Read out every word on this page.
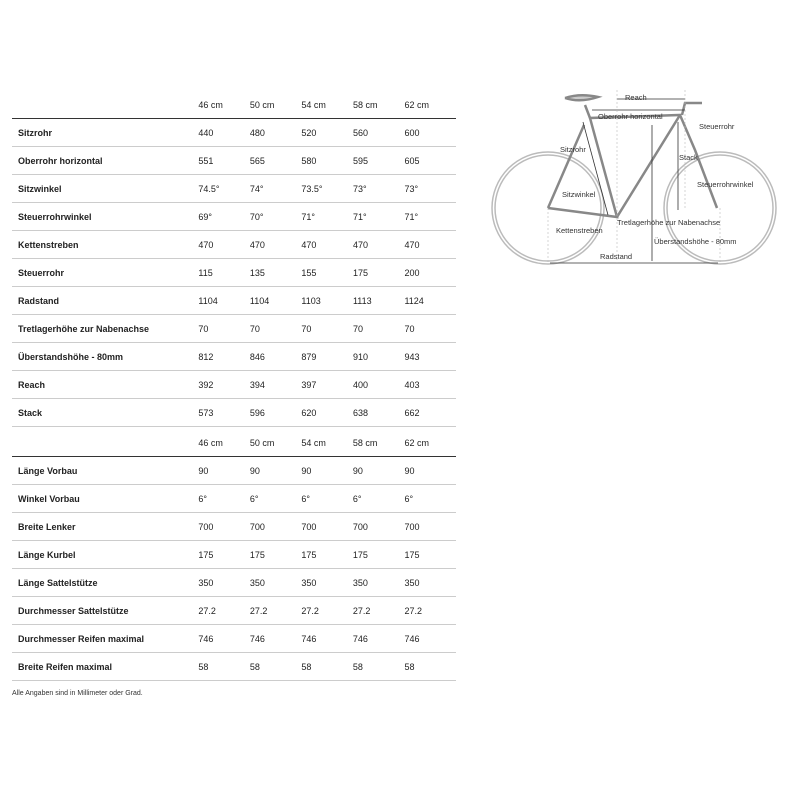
	46 cm	50 cm	54 cm	58 cm	62 cm
Sitzrohr	440	480	520	560	600
Oberrohr horizontal	551	565	580	595	605
Sitzwinkel	74.5°	74°	73.5°	73°	73°
Steuerrohrwinkel	69°	70°	71°	71°	71°
Kettenstreben	470	470	470	470	470
Steuerrohr	115	135	155	175	200
Radstand	1104	1104	1103	1113	1124
Tretlagerhöhe zur Nabenachse	70	70	70	70	70
Überstandshöhe - 80mm	812	846	879	910	943
Reach	392	394	397	400	403
Stack	573	596	620	638	662
	46 cm	50 cm	54 cm	58 cm	62 cm
Länge Vorbau	90	90	90	90	90
Winkel Vorbau	6°	6°	6°	6°	6°
Breite Lenker	700	700	700	700	700
Länge Kurbel	175	175	175	175	175
Länge Sattelstütze	350	350	350	350	350
Durchmesser Sattelstütze	27.2	27.2	27.2	27.2	27.2
Durchmesser Reifen maximal	746	746	746	746	746
Breite Reifen maximal	58	58	58	58	58
Alle Angaben sind in Millimeter oder Grad.
Reach
Oberrohr horizontal
Steuerrohr
Sitzrohr
Stack
Steuerrohrwinkel
Sitzwinkel
Tretlagerhöhe zur Nabenachse
Kettenstreben
Überstandshöhe - 80mm
Radstand
